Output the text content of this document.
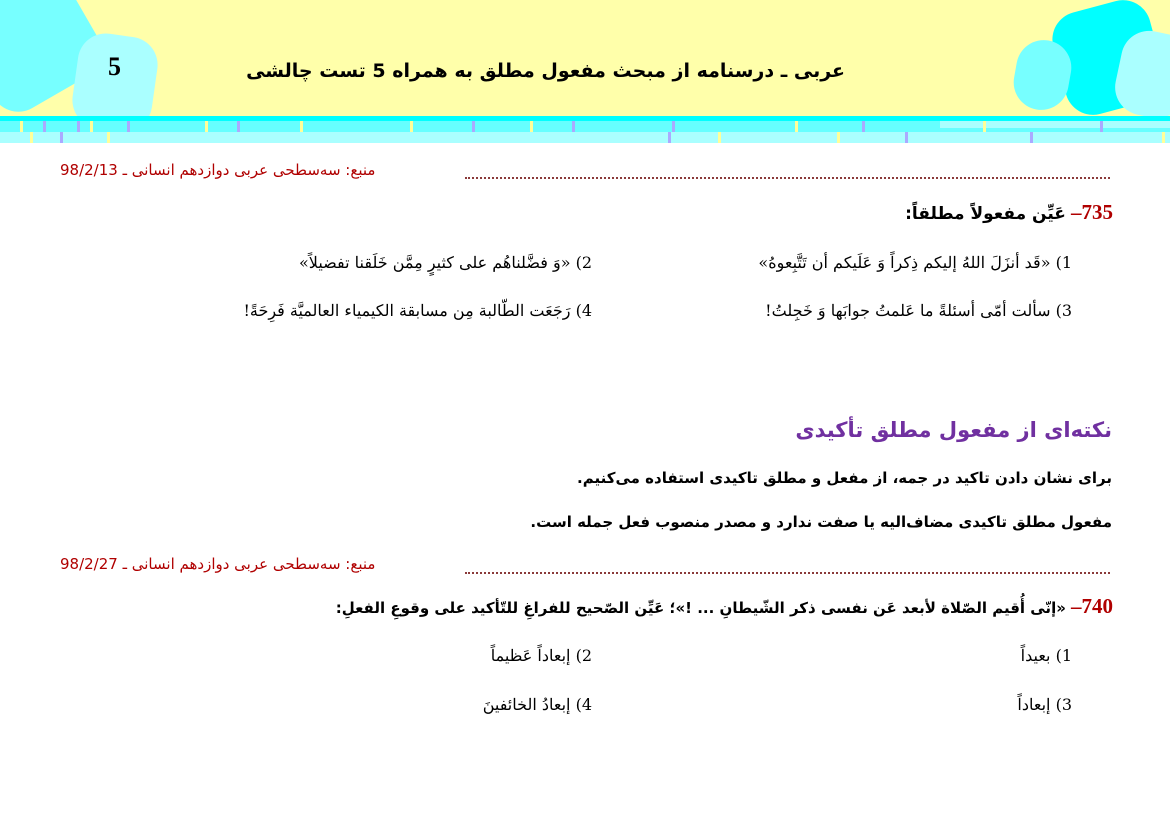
5	عربی ـ درسنامه از مبحث مفعول مطلق به همراه 5 تست چالشی
منبع: سه‌سطحی عربی دوازدهم انسانی ـ 98/2/13
735– عَیِّن مفعولاً مطلقاً:
1) «قَد أنزَلَ اللهُ إلیکم ذِکراً وَ عَلَیکم أن تَتَّبِعوهُ»
2) «وَ فضَّلناهُم علی کثیرٍ مِمَّن خَلَقنا تفضیلاً»
3) سألت أمّی أسئلةً ما عَلمتُ جوابَها وَ خَجِلتُ!
4) رَجَعَت الطّالبة مِن مسابقة الکیمیاء العالمیَّة فَرِحَةً!
نکته‌ای از مفعول مطلق تأکیدی
برای نشان دادن تاکید در جمه، از مفعل و مطلق تاکیدی استفاده می‌کنیم.
مفعول مطلق تاکیدی مضاف‌الیه یا صفت ندارد و مصدر منصوب فعل جمله است.
منبع: سه‌سطحی عربی دوازدهم انسانی ـ 98/2/27
740– «إنّی أُقیم الصّلاة لأبعد عَن نفسی ذکر الشّیطانِ ... !»؛ عَیِّن الصّحیح للفراغِ للتّأکید علی وقوعِ الفعلِ:
1) بعیداً
2) إبعاداً عَظیماً
3) إبعاداً
4) إبعادُ الخائفینَ
